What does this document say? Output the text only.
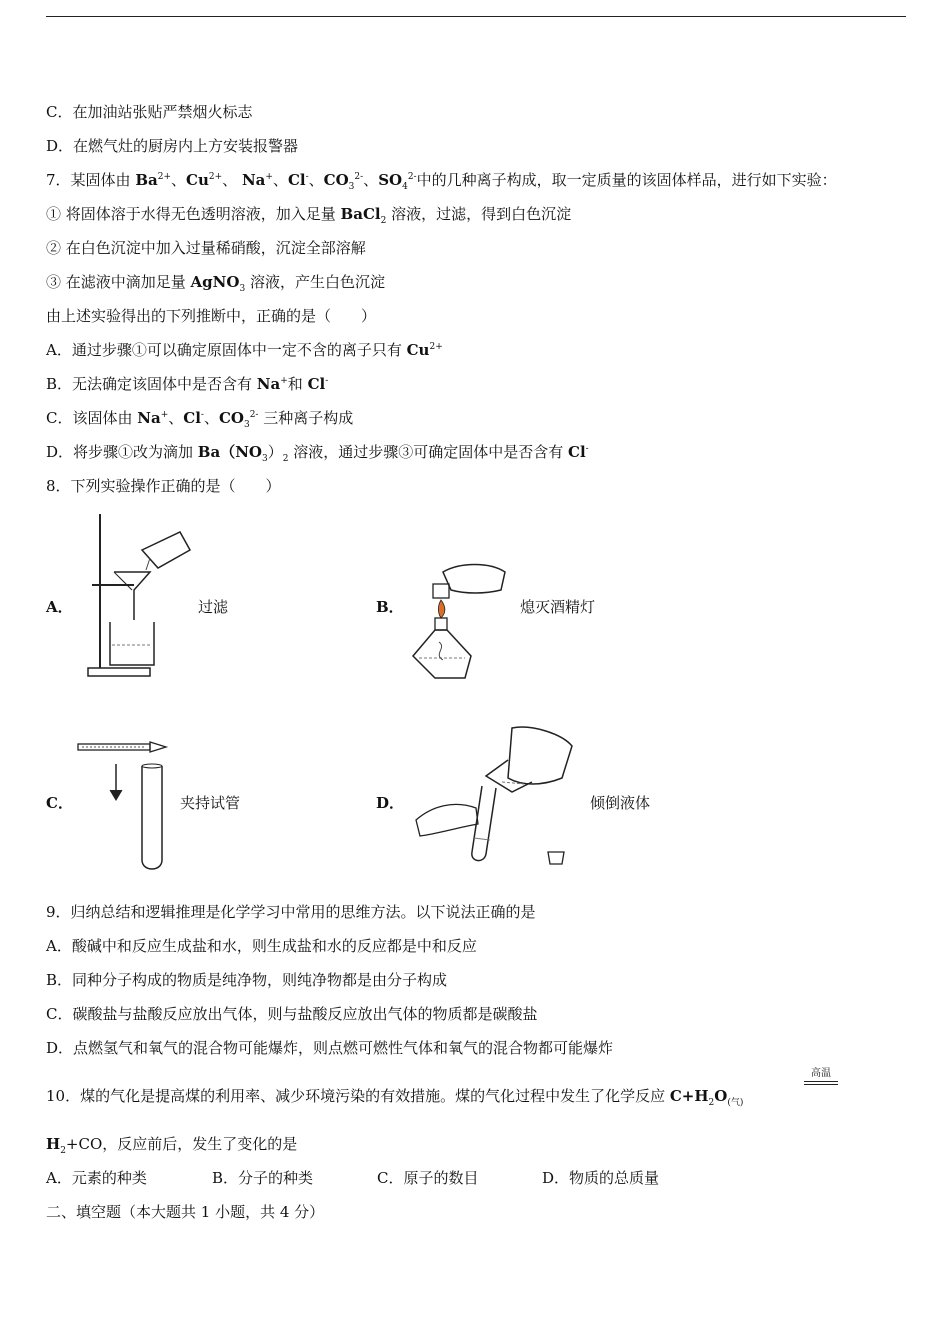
C．在加油站张贴严禁烟火标志
D．在燃气灶的厨房内上方安装报警器
7．某固体由 $Ba^{2+}$、$Cu^{2+}$、 Na+、Cl-、$CO_3^{2-}$、$SO_4^{2-}$中的几种离子构成，取一定质量的该固体样品，进行如下实验：
① 将固体溶于水得无色透明溶液，加入足量 BaCl$_2$ 溶液，过滤，得到白色沉淀
② 在白色沉淀中加入过量稀硝酸，沉淀全部溶解
③ 在滤液中滴加足量 AgNO$_3$ 溶液，产生白色沉淀
由上述实验得出的下列推断中，正确的是（　　）
A．通过步骤①可以确定原固体中一定不含的离子只有 $Cu^{2+}$
B．无法确定该固体中是否含有 Na+和 Cl-
C．该固体由 Na+、Cl-、$CO_3^{2-}$ 三种离子构成
D．将步骤①改为滴加 $Ba(NO_3)_2$ 溶液，通过步骤③可确定固体中是否含有 Cl-
8．下列实验操作正确的是（　　）
A．	过滤	B．	熄灭酒精灯
C．	夹持试管	D．	倾倒液体
9．归纳总结和逻辑推理是化学学习中常用的思维方法。以下说法正确的是
A．酸碱中和反应生成盐和水，则生成盐和水的反应都是中和反应
B．同种分子构成的物质是纯净物，则纯净物都是由分子构成
C．碳酸盐与盐酸反应放出气体，则与盐酸反应放出气体的物质都是碳酸盐
D．点燃氢气和氧气的混合物可能爆炸，则点燃可燃性气体和氧气的混合物都可能爆炸
10．煤的气化是提高煤的利用率、减少环境污染的有效措施。煤的气化过程中发生了化学反应 $C+H_2O_{(气)}$
高温
$H_2+CO$，反应前后，发生了变化的是
A．元素的种类	B．分子的种类	C．原子的数目	D．物质的总质量
二、填空题（本大题共 1 小题，共 4 分）
